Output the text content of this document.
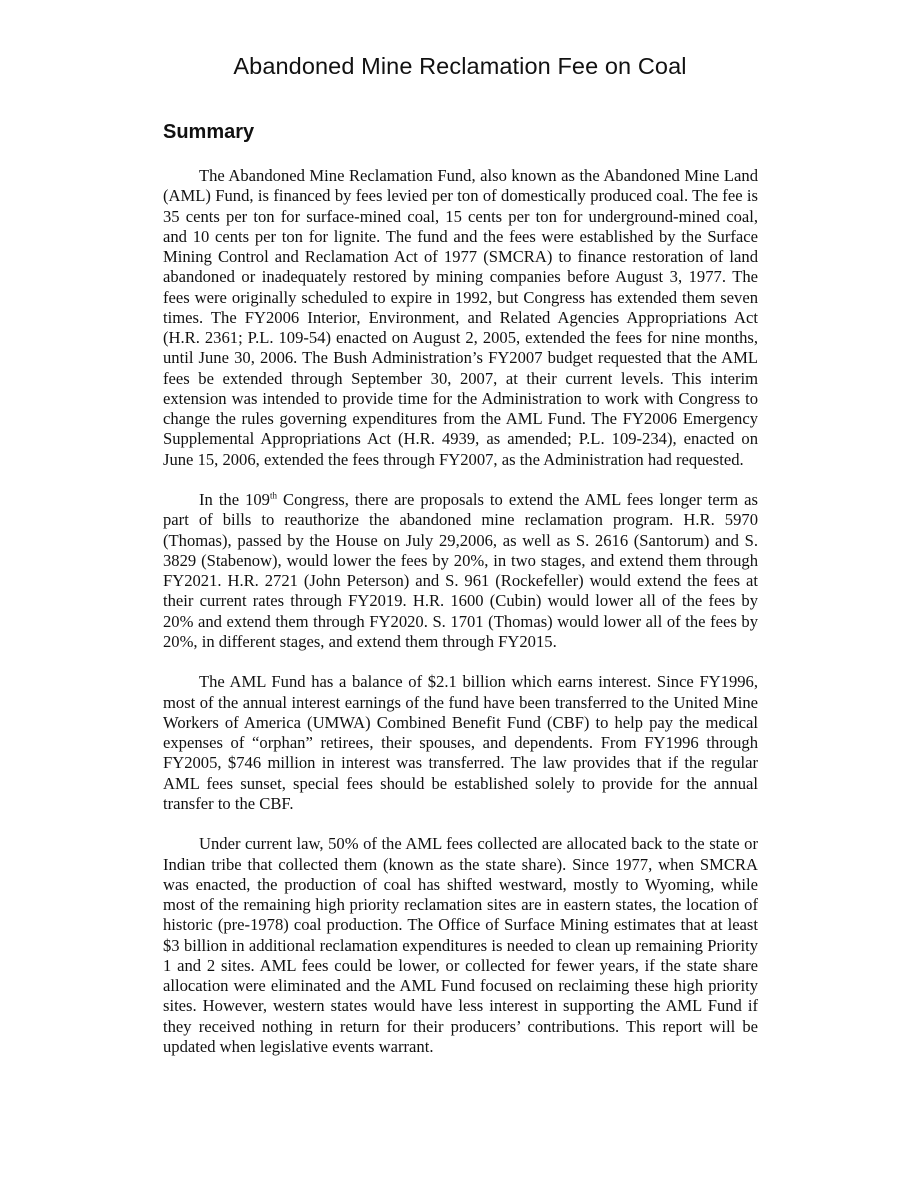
Abandoned Mine Reclamation Fee on Coal
Summary

The Abandoned Mine Reclamation Fund, also known as the Abandoned Mine Land (AML) Fund, is financed by fees levied per ton of domestically produced coal. The fee is 35 cents per ton for surface-mined coal, 15 cents per ton for underground-mined coal, and 10 cents per ton for lignite. The fund and the fees were established by the Surface Mining Control and Reclamation Act of 1977 (SMCRA) to finance restoration of land abandoned or inadequately restored by mining companies before August 3, 1977. The fees were originally scheduled to expire in 1992, but Congress has extended them seven times. The FY2006 Interior, Environment, and Related Agencies Appropriations Act (H.R. 2361; P.L. 109-54) enacted on August 2, 2005, extended the fees for nine months, until June 30, 2006. The Bush Administration’s FY2007 budget requested that the AML fees be extended through September 30, 2007, at their current levels. This interim extension was intended to provide time for the Administration to work with Congress to change the rules governing expenditures from the AML Fund. The FY2006 Emergency Supplemental Appropriations Act (H.R. 4939, as amended; P.L. 109-234), enacted on June 15, 2006, extended the fees through FY2007, as the Administration had requested.

In the 109th Congress, there are proposals to extend the AML fees longer term as part of bills to reauthorize the abandoned mine reclamation program. H.R. 5970 (Thomas), passed by the House on July 29,2006, as well as S. 2616 (Santorum) and S. 3829 (Stabenow), would lower the fees by 20%, in two stages, and extend them through FY2021. H.R. 2721 (John Peterson) and S. 961 (Rockefeller) would extend the fees at their current rates through FY2019. H.R. 1600 (Cubin) would lower all of the fees by 20% and extend them through FY2020. S. 1701 (Thomas) would lower all of the fees by 20%, in different stages, and extend them through FY2015.

The AML Fund has a balance of $2.1 billion which earns interest. Since FY1996, most of the annual interest earnings of the fund have been transferred to the United Mine Workers of America (UMWA) Combined Benefit Fund (CBF) to help pay the medical expenses of “orphan” retirees, their spouses, and dependents. From FY1996 through FY2005, $746 million in interest was transferred. The law provides that if the regular AML fees sunset, special fees should be established solely to provide for the annual transfer to the CBF.

Under current law, 50% of the AML fees collected are allocated back to the state or Indian tribe that collected them (known as the state share). Since 1977, when SMCRA was enacted, the production of coal has shifted westward, mostly to Wyoming, while most of the remaining high priority reclamation sites are in eastern states, the location of historic (pre-1978) coal production. The Office of Surface Mining estimates that at least $3 billion in additional reclamation expenditures is needed to clean up remaining Priority 1 and 2 sites. AML fees could be lower, or collected for fewer years, if the state share allocation were eliminated and the AML Fund focused on reclaiming these high priority sites. However, western states would have less interest in supporting the AML Fund if they received nothing in return for their producers’ contributions. This report will be updated when legislative events warrant.
